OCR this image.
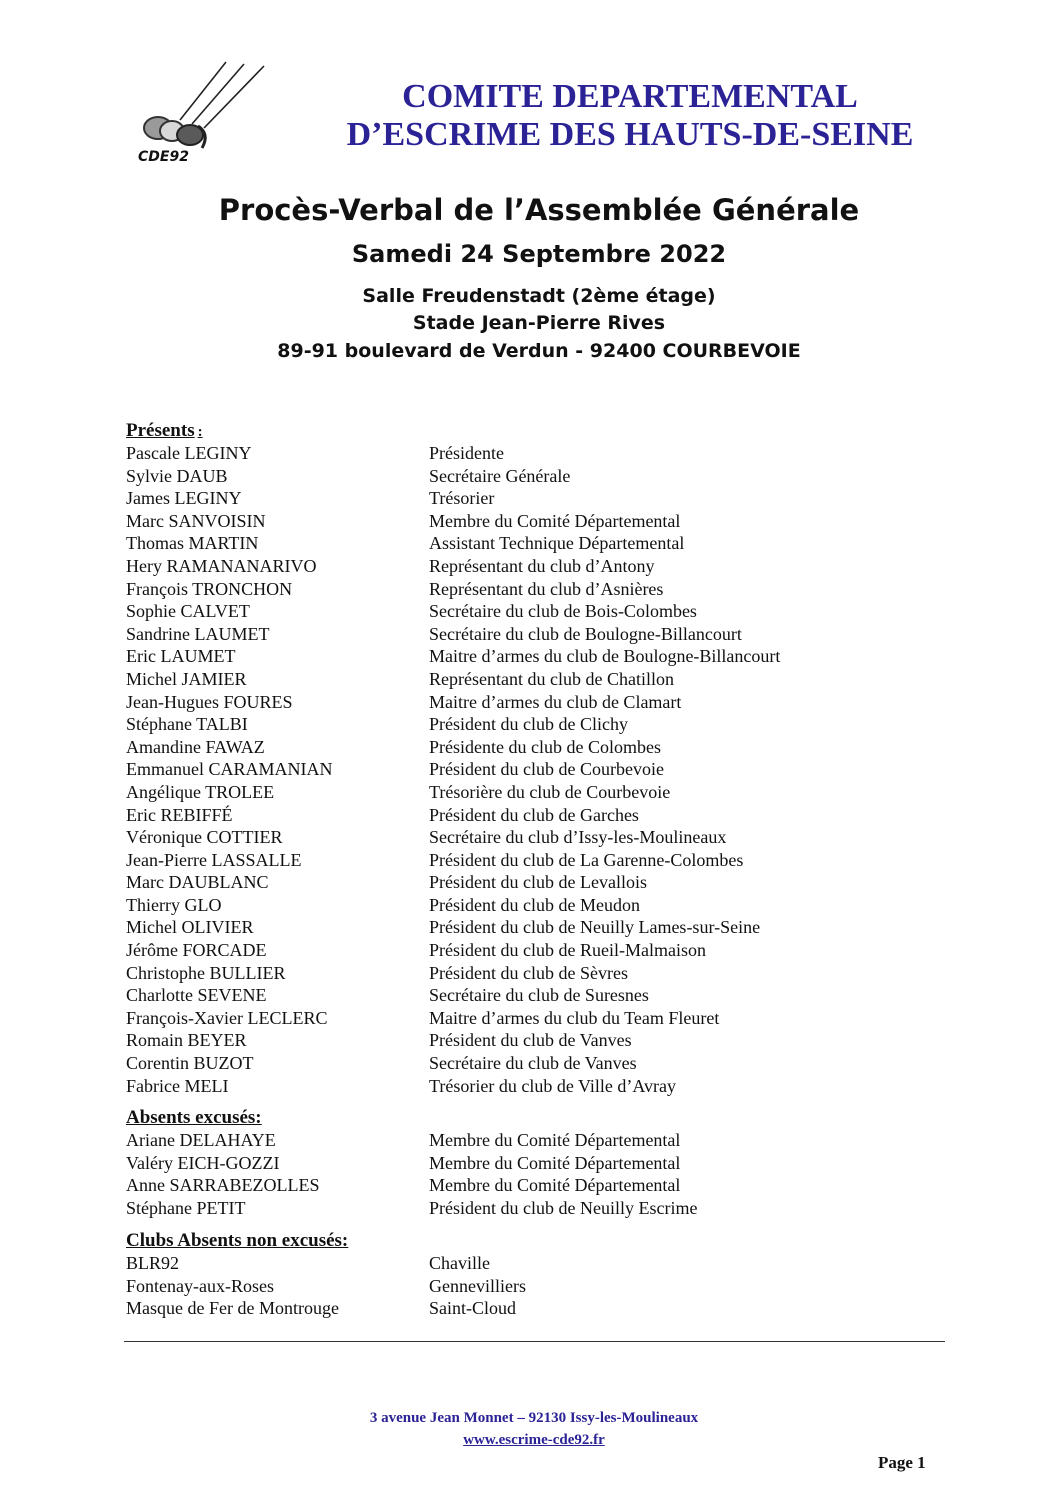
CDE92
COMITE DEPARTEMENTAL
D’ESCRIME DES HAUTS-DE-SEINE
Procès-Verbal de l’Assemblée Générale
Samedi 24 Septembre 2022
Salle Freudenstadt (2ème étage)
Stade Jean-Pierre Rives
89-91 boulevard de Verdun - 92400 COURBEVOIE
Présents :
Pascale LEGINY	Présidente
Sylvie DAUB	Secrétaire Générale
James LEGINY	Trésorier
Marc SANVOISIN	Membre du Comité Départemental
Thomas MARTIN	Assistant Technique Départemental
Hery RAMANANARIVO	Représentant du club d’Antony
François TRONCHON	Représentant du club d’Asnières
Sophie CALVET	Secrétaire du club de Bois-Colombes
Sandrine LAUMET	Secrétaire du club de Boulogne-Billancourt
Eric LAUMET	Maitre d’armes du club de Boulogne-Billancourt
Michel JAMIER	Représentant du club de Chatillon
Jean-Hugues FOURES	Maitre d’armes du club de Clamart
Stéphane TALBI	Président du club de Clichy
Amandine FAWAZ	Présidente du club de Colombes
Emmanuel CARAMANIAN	Président du club de Courbevoie
Angélique TROLEE	Trésorière du club de Courbevoie
Eric REBIFFÉ	Président du club de Garches
Véronique COTTIER	Secrétaire du club d’Issy-les-Moulineaux
Jean-Pierre LASSALLE	Président du club de La Garenne-Colombes
Marc DAUBLANC	Président du club de Levallois
Thierry GLO	Président du club de Meudon
Michel OLIVIER	Président du club de Neuilly Lames-sur-Seine
Jérôme FORCADE	Président du club de Rueil-Malmaison
Christophe BULLIER	Président du club de Sèvres
Charlotte SEVENE	Secrétaire du club de Suresnes
François-Xavier LECLERC	Maitre d’armes du club du Team Fleuret
Romain BEYER	Président du club de Vanves
Corentin BUZOT	Secrétaire du club de Vanves
Fabrice MELI	Trésorier du club de Ville d’Avray
Absents excusés:
Ariane DELAHAYE	Membre du Comité Départemental
Valéry EICH-GOZZI	Membre du Comité Départemental
Anne SARRABEZOLLES	Membre du Comité Départemental
Stéphane PETIT	Président du club de Neuilly Escrime
Clubs Absents non excusés:
BLR92	Chaville
Fontenay-aux-Roses	Gennevilliers
Masque de Fer de Montrouge	Saint-Cloud
3 avenue Jean Monnet – 92130 Issy-les-Moulineaux
www.escrime-cde92.fr
Page 1
